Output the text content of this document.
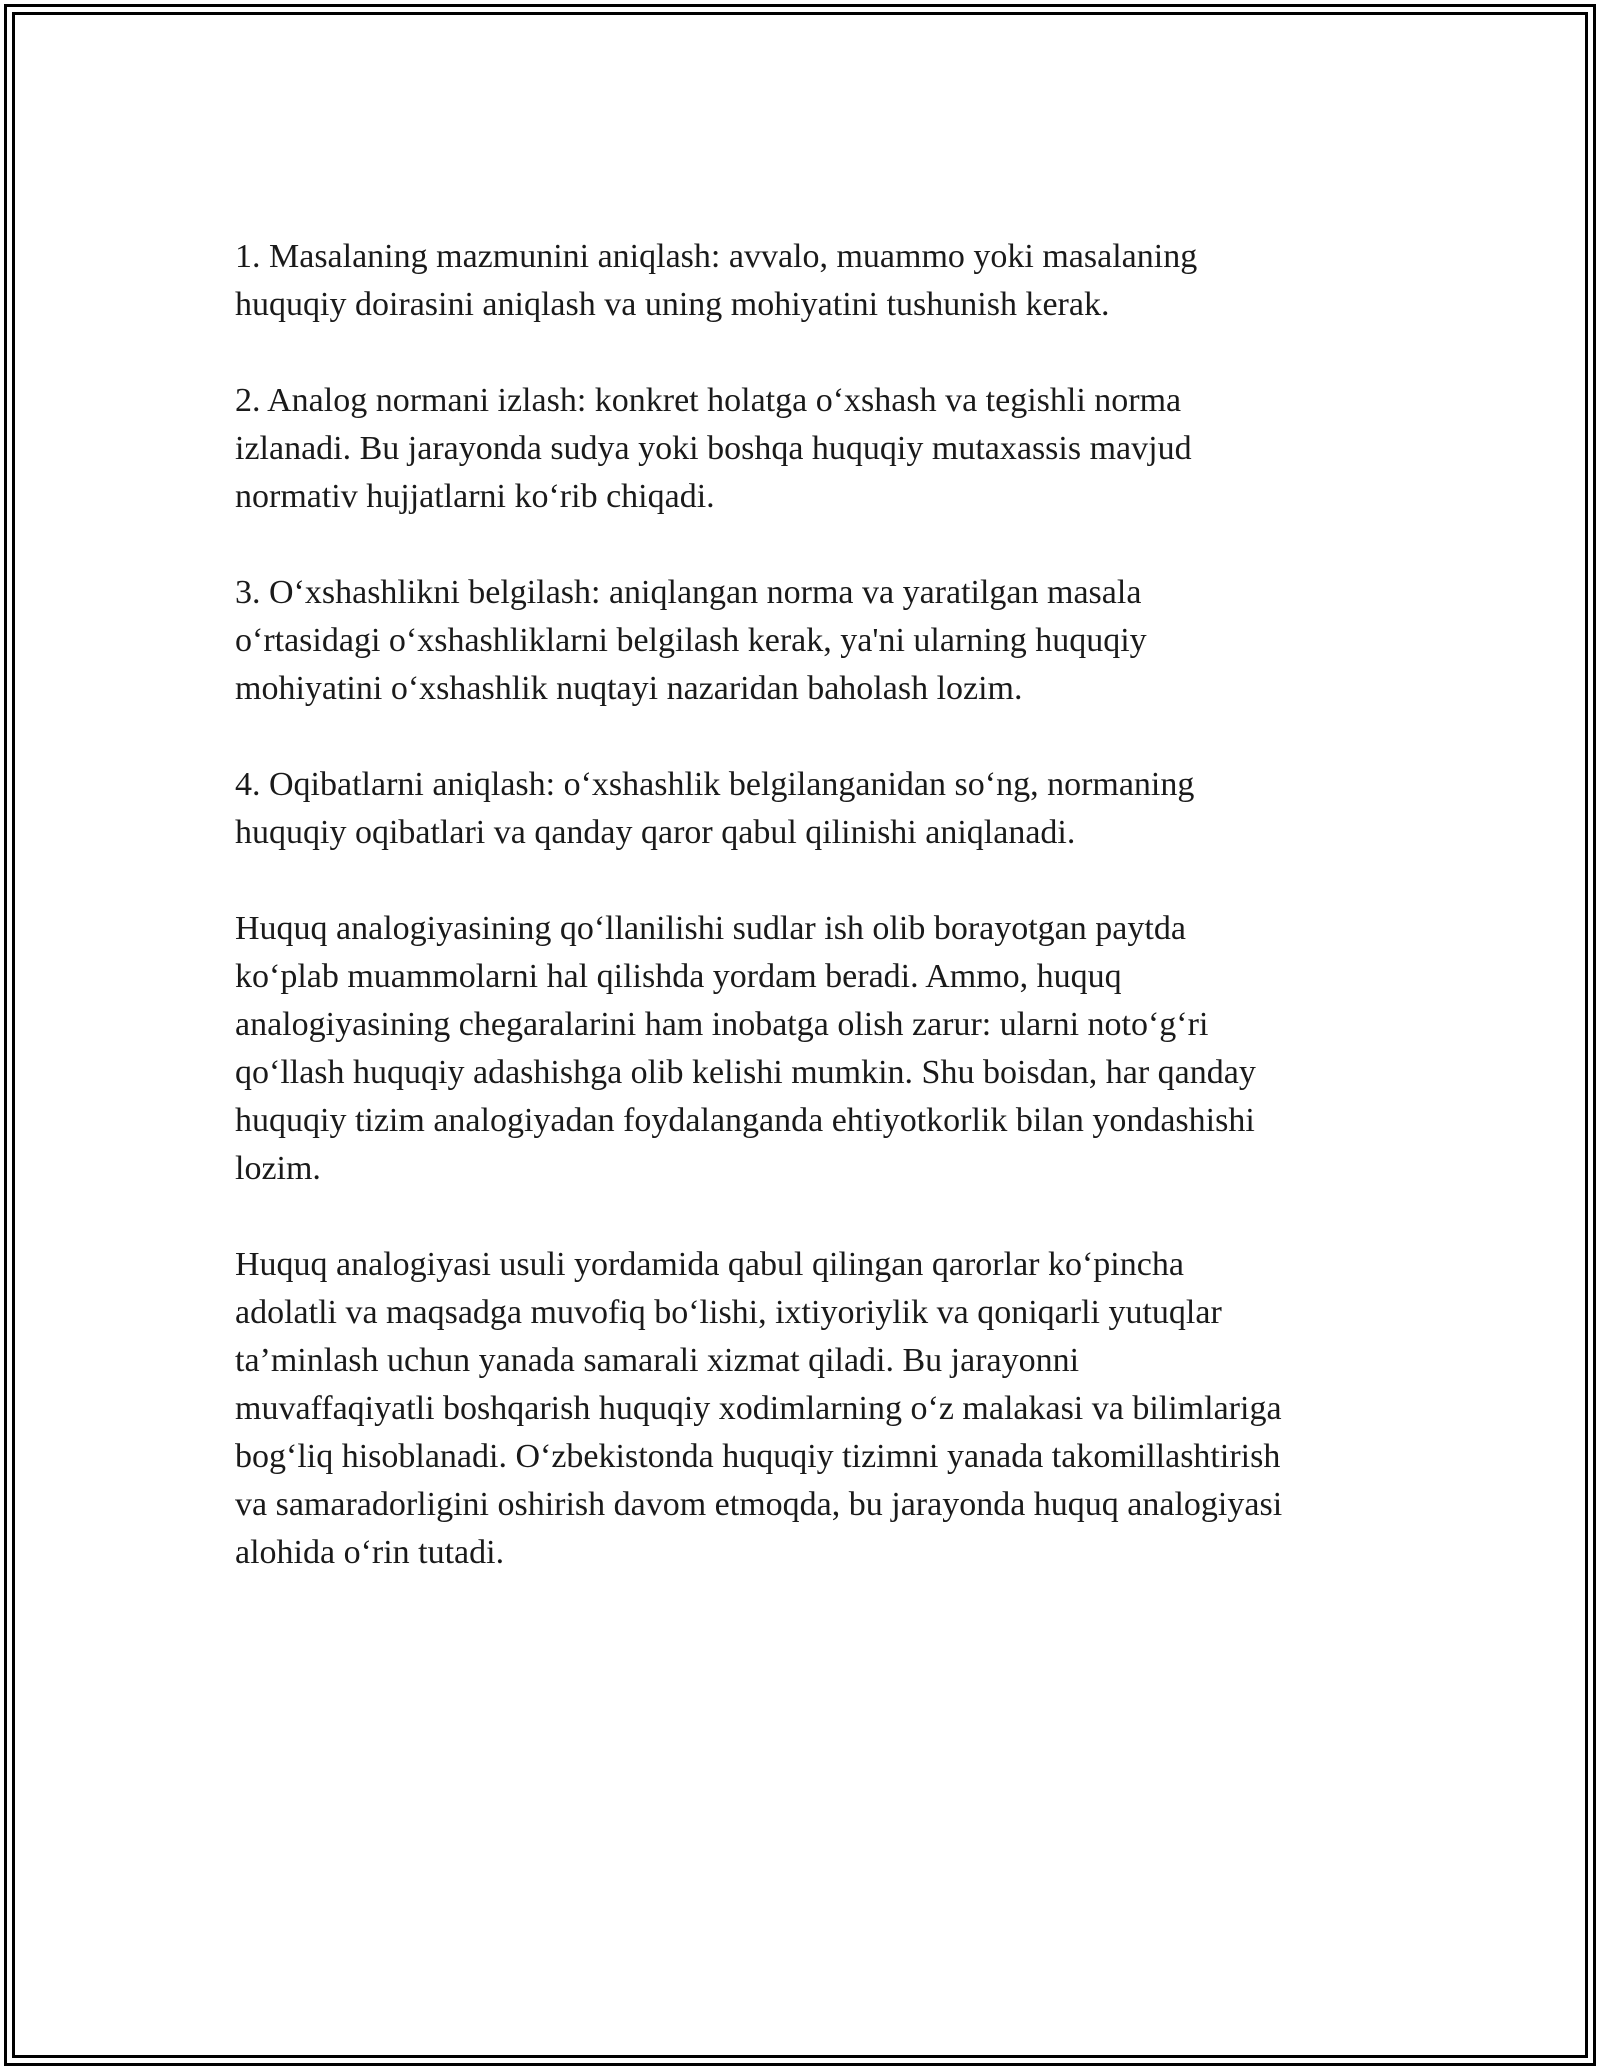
1. Masalaning mazmunini aniqlash: avvalo, muammo yoki masalaning
huquqiy doirasini aniqlash va uning mohiyatini tushunish kerak.

2. Analog normani izlash: konkret holatga o‘xshash va tegishli norma
izlanadi. Bu jarayonda sudya yoki boshqa huquqiy mutaxassis mavjud
normativ hujjatlarni ko‘rib chiqadi.

3. O‘xshashlikni belgilash: aniqlangan norma va yaratilgan masala
o‘rtasidagi o‘xshashliklarni belgilash kerak, ya'ni ularning huquqiy
mohiyatini o‘xshashlik nuqtayi nazaridan baholash lozim.

4. Oqibatlarni aniqlash: o‘xshashlik belgilanganidan so‘ng, normaning
huquqiy oqibatlari va qanday qaror qabul qilinishi aniqlanadi.

Huquq analogiyasining qo‘llanilishi sudlar ish olib borayotgan paytda
ko‘plab muammolarni hal qilishda yordam beradi. Ammo, huquq
analogiyasining chegaralarini ham inobatga olish zarur: ularni noto‘g‘ri
qo‘llash huquqiy adashishga olib kelishi mumkin. Shu boisdan, har qanday
huquqiy tizim analogiyadan foydalanganda ehtiyotkorlik bilan yondashishi
lozim.

Huquq analogiyasi usuli yordamida qabul qilingan qarorlar ko‘pincha
adolatli va maqsadga muvofiq bo‘lishi, ixtiyoriylik va qoniqarli yutuqlar
ta’minlash uchun yanada samarali xizmat qiladi. Bu jarayonni
muvaffaqiyatli boshqarish huquqiy xodimlarning o‘z malakasi va bilimlariga
bog‘liq hisoblanadi. O‘zbekistonda huquqiy tizimni yanada takomillashtirish
va samaradorligini oshirish davom etmoqda, bu jarayonda huquq analogiyasi
alohida o‘rin tutadi.
